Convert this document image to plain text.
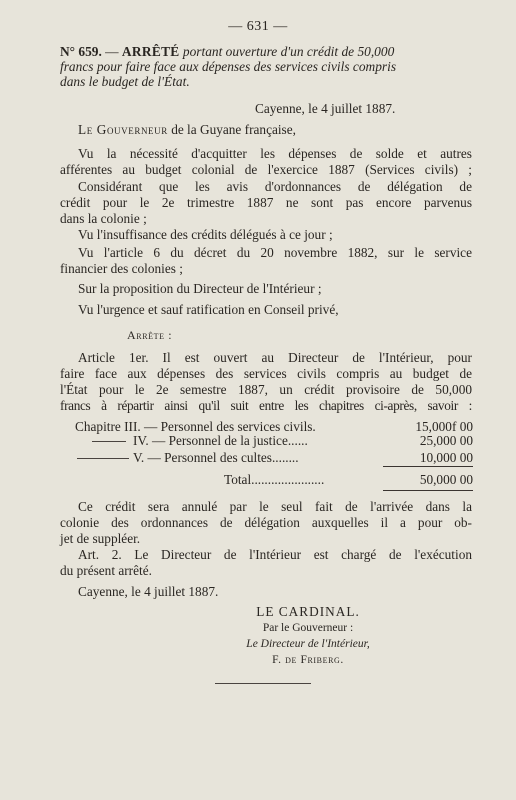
— 631 —
N° 659. — ARRÊTÉ portant ouverture d'un crédit de 50,000
francs pour faire face aux dépenses des services civils compris
dans le budget de l'État.
Cayenne, le 4 juillet 1887.
Le Gouverneur de la Guyane française,
Vu la nécessité d'acquitter les dépenses de solde et autres
afférentes au budget colonial de l'exercice 1887 (Services civils) ;
Considérant que les avis d'ordonnances de délégation de
crédit pour le 2e trimestre 1887 ne sont pas encore parvenus
dans la colonie ;
Vu l'insuffisance des crédits délégués à ce jour ;
Vu l'article 6 du décret du 20 novembre 1882, sur le service
financier des colonies ;
Sur la proposition du Directeur de l'Intérieur ;
Vu l'urgence et sauf ratification en Conseil privé,
Arrête :
Article 1er. Il est ouvert au Directeur de l'Intérieur, pour
faire face aux dépenses des services civils compris au budget de
l'État pour le 2e semestre 1887, un crédit provisoire de 50,000
francs à répartir ainsi qu'il suit entre les chapitres ci-après, savoir :
Chapitre III. — Personnel des services civils.	15,000f 00
IV. — Personnel de la justice......	25,000 00
V. — Personnel des cultes........	10,000 00
Total......................	50,000 00
Ce crédit sera annulé par le seul fait de l'arrivée dans la
colonie des ordonnances de délégation auxquelles il a pour ob-
jet de suppléer.
Art. 2. Le Directeur de l'Intérieur est chargé de l'exécution
du présent arrêté.
Cayenne, le 4 juillet 1887.
LE CARDINAL.
Par le Gouverneur :
Le Directeur de l'Intérieur,
F. de Friberg.
